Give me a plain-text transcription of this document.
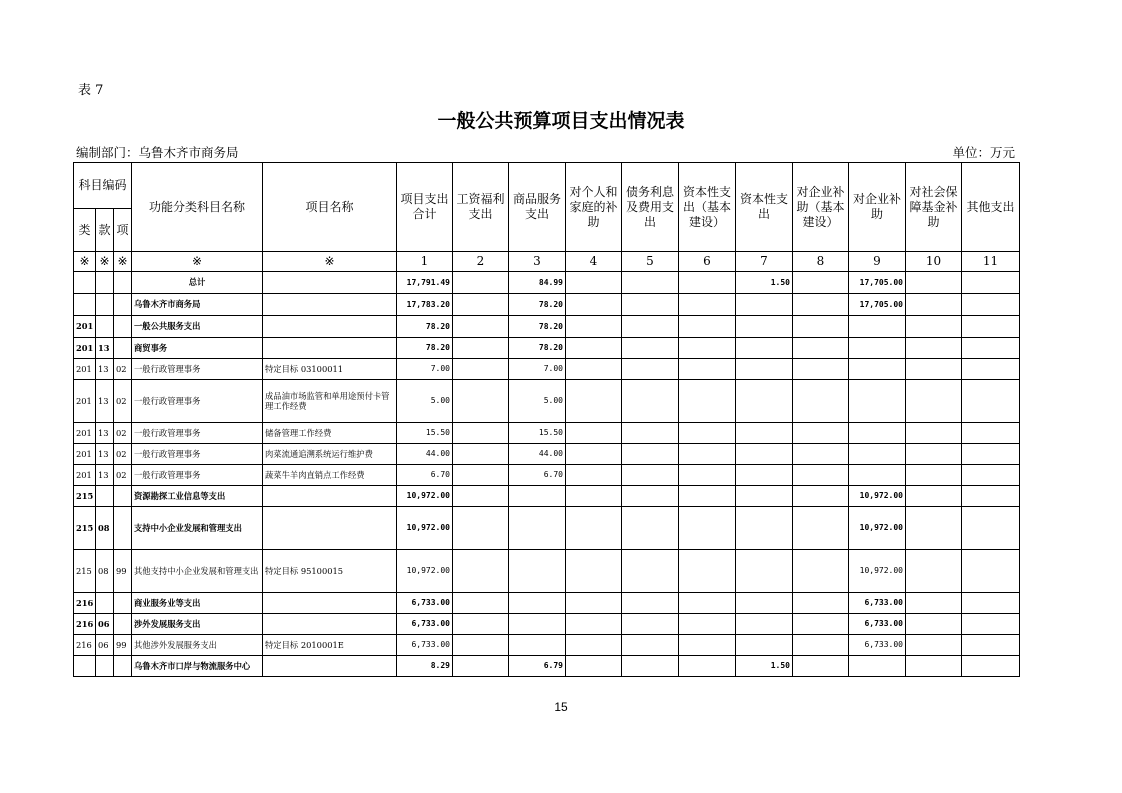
表 7
一般公共预算项目支出情况表
编制部门：乌鲁木齐市商务局	单位：万元
科目编码			功能分类科目名称	项目名称	项目支出合计	工资福利支出	商品服务支出	对个人和家庭的补助	债务利息及费用支出	资本性支出（基本建设）	资本性支出	对企业补助（基本建设）	对企业补助	对社会保障基金补助	其他支出
类	款	项													
※	※	※	※	※	1	2	3	4	5	6	7	8	9	10	11
			总计		17,791.49		84.99				1.50		17,705.00		
			乌鲁木齐市商务局		17,783.20		78.20						17,705.00		
201			一般公共服务支出		78.20		78.20								
201	13		商贸事务		78.20		78.20								
201	13	02	一般行政管理事务	特定目标 03100011	7.00		7.00								
201	13	02	一般行政管理事务	成品油市场监管和单用途预付卡管理工作经费	5.00		5.00								
201	13	02	一般行政管理事务	储备管理工作经费	15.50		15.50								
201	13	02	一般行政管理事务	肉菜流通追溯系统运行维护费	44.00		44.00								
201	13	02	一般行政管理事务	蔬菜牛羊肉直销点工作经费	6.70		6.70								
215			资源勘探工业信息等支出		10,972.00								10,972.00		
215	08		支持中小企业发展和管理支出		10,972.00								10,972.00		
215	08	99	其他支持中小企业发展和管理支出	特定目标 95100015	10,972.00								10,972.00		
216			商业服务业等支出		6,733.00								6,733.00		
216	06		涉外发展服务支出		6,733.00								6,733.00		
216	06	99	其他涉外发展服务支出	特定目标 2010001E	6,733.00								6,733.00		
			乌鲁木齐市口岸与物流服务中心		8.29		6.79				1.50				
15
